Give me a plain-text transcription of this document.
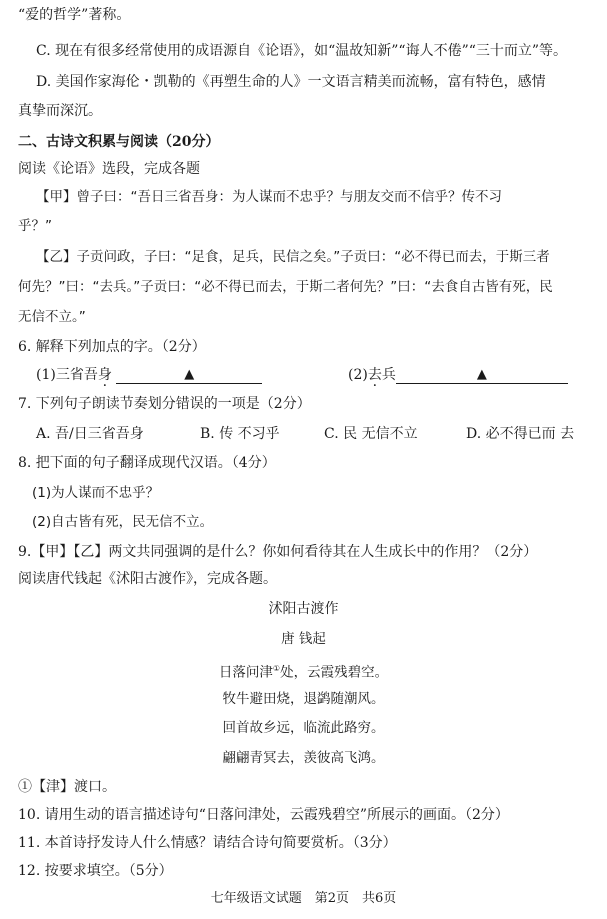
“爱的哲学”著称。
C. 现在有很多经常使用的成语源自《论语》，如“温故知新”“诲人不倦”“三十而立”等。
D. 美国作家海伦・凯勒的《再塑生命的人》一文语言精美而流畅，富有特色，感情
真挚而深沉。
二、古诗文积累与阅读（20分）
阅读《论语》选段，完成各题
【甲】曾子曰：“吾日三省吾身：为人谋而不忠乎？与朋友交而不信乎？传不习
乎？”
【乙】子贡问政，子曰：“足食，足兵，民信之矣。”子贡曰：“必不得已而去，于斯三者
何先？”曰：“去兵。”子贡曰：“必不得已而去，于斯二者何先？”曰：“去食自古皆有死，民
无信不立。”
6. 解释下列加点的字。（2分）
(1)三省吾身	▲	(2)去兵	▲
7. 下列句子朗读节奏划分错误的一项是（2分）
A. 吾/日三省吾身	B. 传 不习乎	C. 民 无信不立	D. 必不得已而 去
8. 把下面的句子翻译成现代汉语。（4分）
(1)为人谋而不忠乎？
(2)自古皆有死，民无信不立。
9.【甲】【乙】两文共同强调的是什么？你如何看待其在人生成长中的作用？（2分）
阅读唐代钱起《沭阳古渡作》，完成各题。
沭阳古渡作
唐 钱起
日落问津①处，云霞残碧空。
牧牛避田烧，退鹢随潮风。
回首故乡远，临流此路穷。
翩翩青冥去，羡彼高飞鸿。
①【津】渡口。
10. 请用生动的语言描述诗句“日落问津处，云霞残碧空”所展示的画面。（2分）
11. 本首诗抒发诗人什么情感？请结合诗句简要赏析。（3分）
12. 按要求填空。（5分）
七年级语文试题　第2页　共6页
